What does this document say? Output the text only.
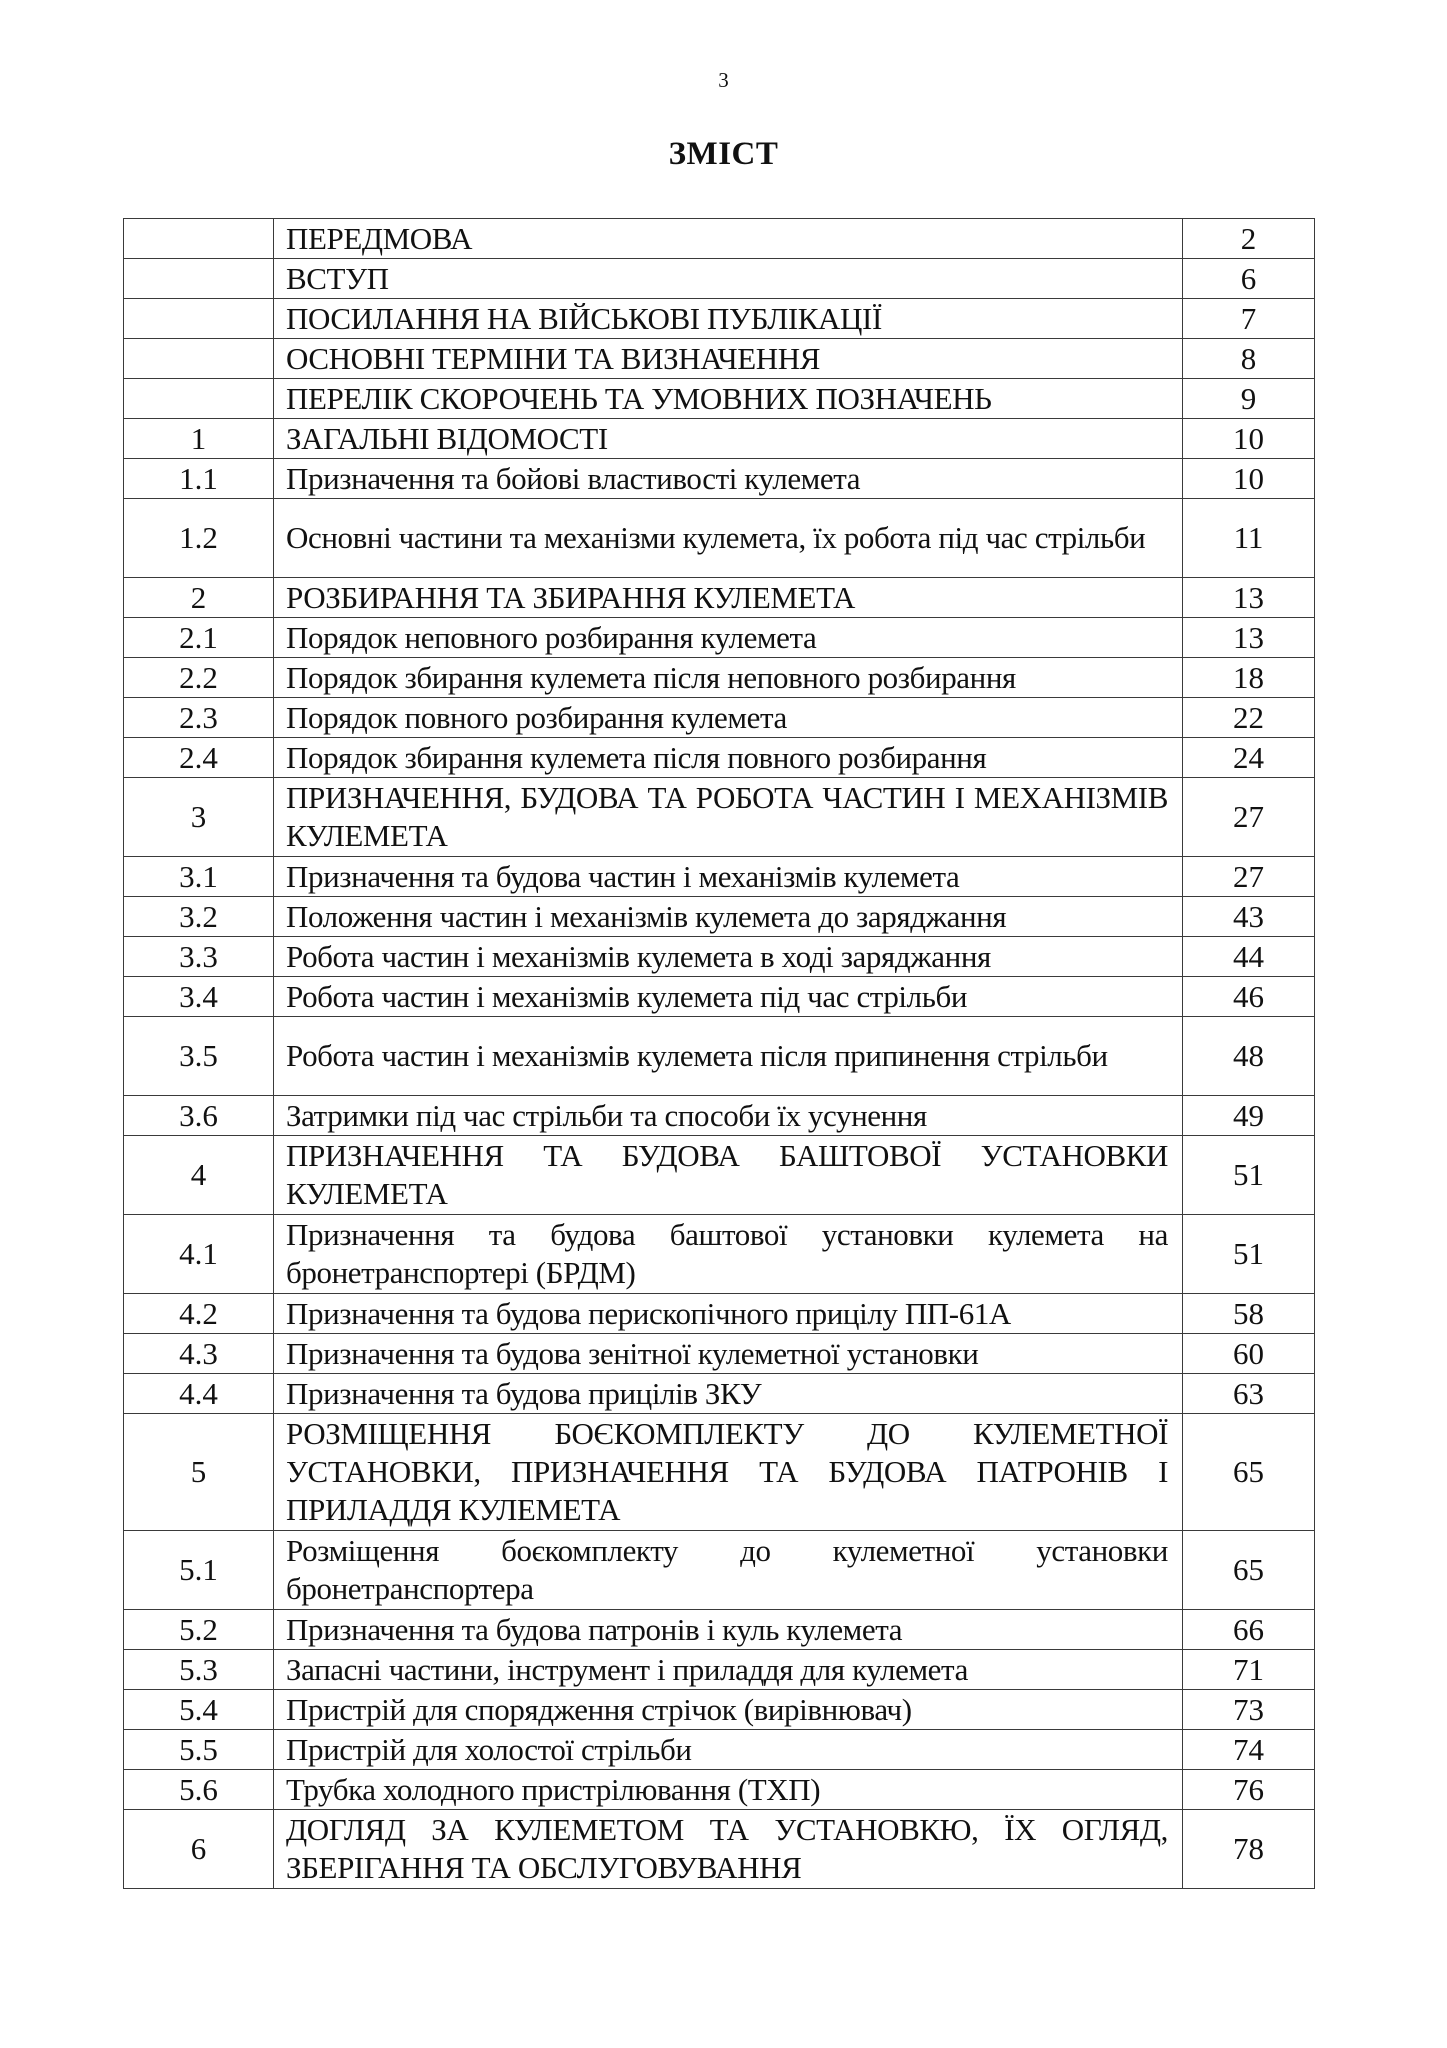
3
ЗМІСТ
	ПЕРЕДМОВА	2
	ВСТУП	6
	ПОСИЛАННЯ НА ВІЙСЬКОВІ ПУБЛІКАЦІЇ	7
	ОСНОВНІ ТЕРМІНИ ТА ВИЗНАЧЕННЯ	8
	ПЕРЕЛІК СКОРОЧЕНЬ ТА УМОВНИХ ПОЗНАЧЕНЬ	9
1	ЗАГАЛЬНІ ВІДОМОСТІ	10
1.1	Призначення та бойові властивості кулемета	10
1.2	Основні частини та механізми кулемета, їх робота під час стрільби	11
2	РОЗБИРАННЯ ТА ЗБИРАННЯ КУЛЕМЕТА	13
2.1	Порядок неповного розбирання кулемета	13
2.2	Порядок збирання кулемета після неповного розбирання	18
2.3	Порядок повного розбирання кулемета	22
2.4	Порядок збирання кулемета після повного розбирання	24
3	ПРИЗНАЧЕННЯ, БУДОВА ТА РОБОТА ЧАСТИН І МЕХАНІЗМІВ КУЛЕМЕТА	27
3.1	Призначення та будова частин і механізмів кулемета	27
3.2	Положення частин і механізмів кулемета до заряджання	43
3.3	Робота частин і механізмів кулемета в ході заряджання	44
3.4	Робота частин і механізмів кулемета під час стрільби	46
3.5	Робота частин і механізмів кулемета після припинення стрільби	48
3.6	Затримки під час стрільби та способи їх усунення	49
4	ПРИЗНАЧЕННЯ ТА БУДОВА БАШТОВОЇ УСТАНОВКИ КУЛЕМЕТА	51
4.1	Призначення та будова баштової установки кулемета на бронетранспортері (БРДМ)	51
4.2	Призначення та будова перископічного прицілу ПП-61А	58
4.3	Призначення та будова зенітної кулеметної установки	60
4.4	Призначення та будова прицілів ЗКУ	63
5	РОЗМІЩЕННЯ БОЄКОМПЛЕКТУ ДО КУЛЕМЕТНОЇ УСТАНОВКИ, ПРИЗНАЧЕННЯ ТА БУДОВА ПАТРОНІВ І ПРИЛАДДЯ КУЛЕМЕТА	65
5.1	Розміщення боєкомплекту до кулеметної установки бронетранспортера	65
5.2	Призначення та будова патронів і куль кулемета	66
5.3	Запасні частини, інструмент і приладдя для кулемета	71
5.4	Пристрій для спорядження стрічок (вирівнювач)	73
5.5	Пристрій для холостої стрільби	74
5.6	Трубка холодного пристрілювання (ТХП)	76
6	ДОГЛЯД ЗА КУЛЕМЕТОМ ТА УСТАНОВКЮ, ЇХ ОГЛЯД, ЗБЕРІГАННЯ ТА ОБСЛУГОВУВАННЯ	78
